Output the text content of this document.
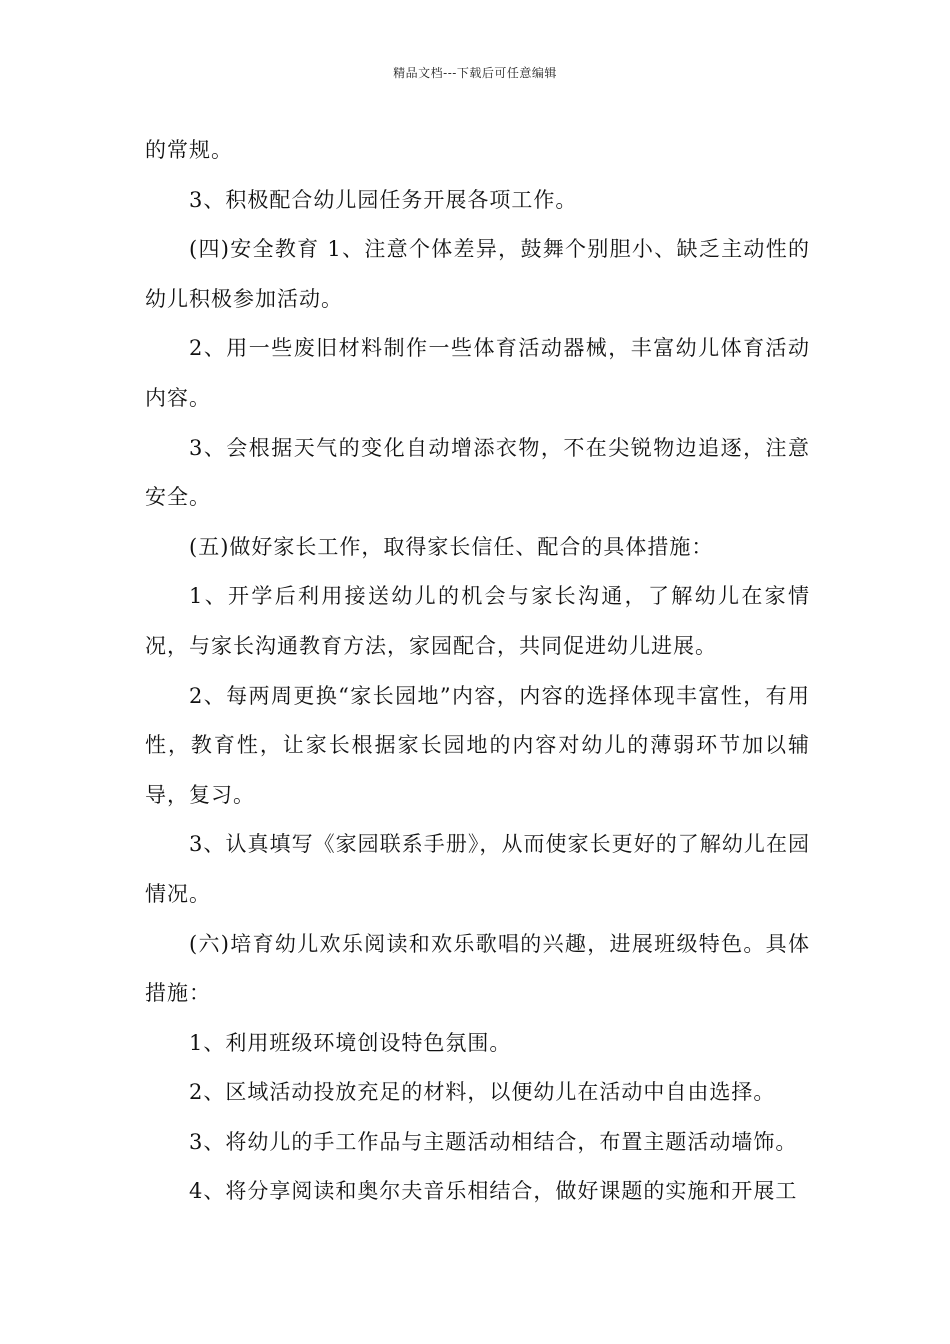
精品文档---下载后可任意编辑

的常规。

3、积极配合幼儿园任务开展各项工作。

(四)安全教育 1、注意个体差异，鼓舞个别胆小、缺乏主动性的幼儿积极参加活动。

2、用一些废旧材料制作一些体育活动器械，丰富幼儿体育活动内容。

3、会根据天气的变化自动增添衣物，不在尖锐物边追逐，注意安全。

(五)做好家长工作，取得家长信任、配合的具体措施：

1、开学后利用接送幼儿的机会与家长沟通，了解幼儿在家情况，与家长沟通教育方法，家园配合，共同促进幼儿进展。

2、每两周更换“家长园地”内容，内容的选择体现丰富性，有用性，教育性，让家长根据家长园地的内容对幼儿的薄弱环节加以辅导，复习。

3、认真填写《家园联系手册》，从而使家长更好的了解幼儿在园情况。

(六)培育幼儿欢乐阅读和欢乐歌唱的兴趣，进展班级特色。具体措施：

1、利用班级环境创设特色氛围。

2、区域活动投放充足的材料，以便幼儿在活动中自由选择。

3、将幼儿的手工作品与主题活动相结合，布置主题活动墙饰。

4、将分享阅读和奥尔夫音乐相结合，做好课题的实施和开展工
